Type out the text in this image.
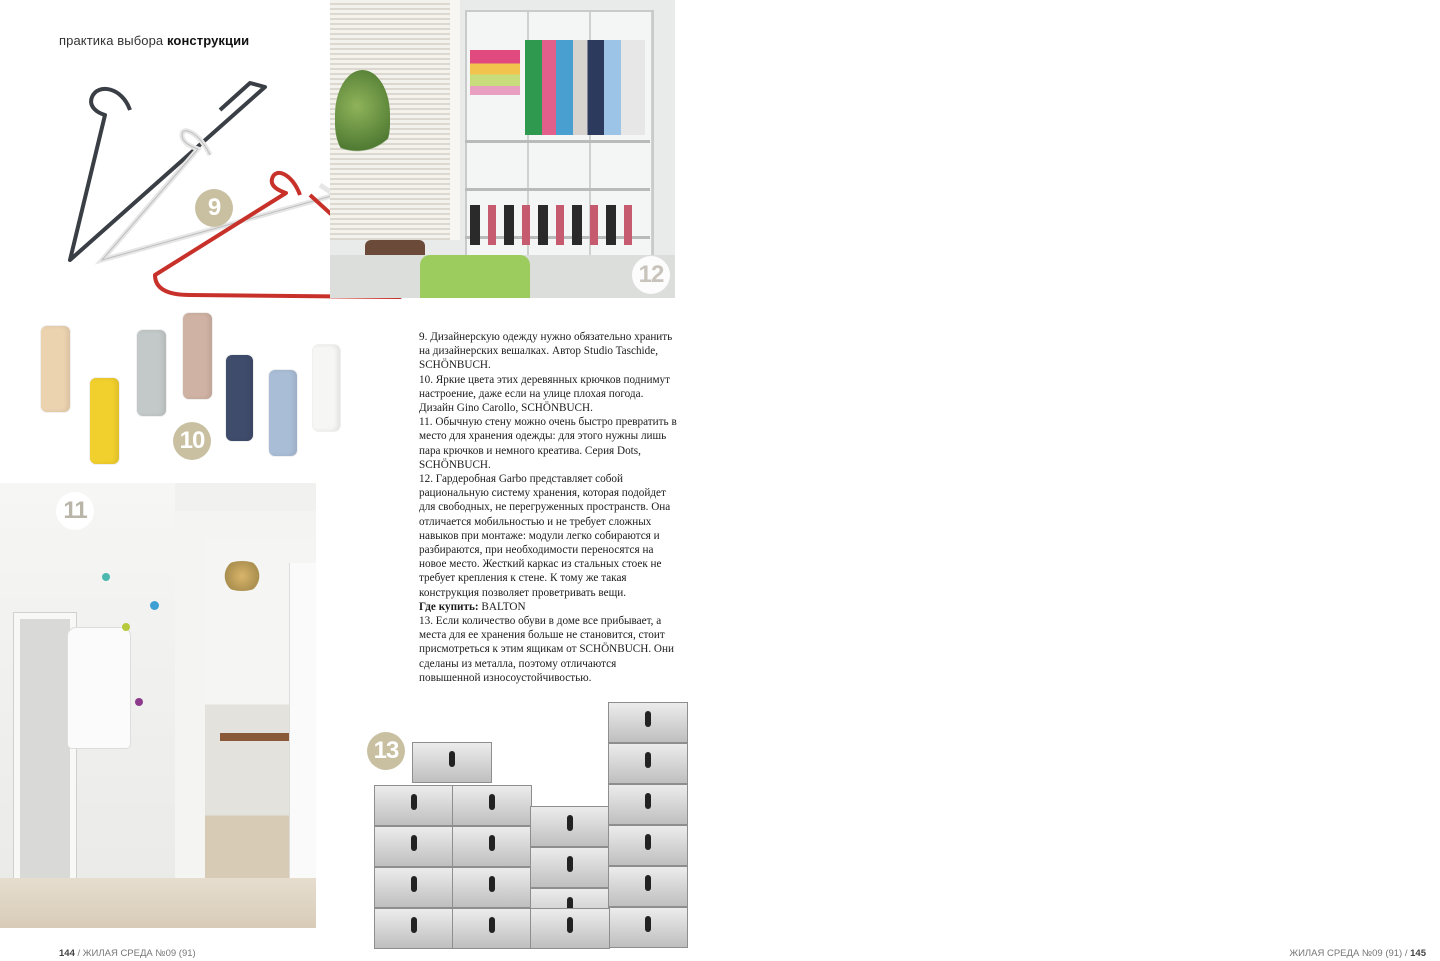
практика выбора конструкции
9
12
10
11

9. Дизайнерскую одежду нужно обязательно хранить на дизайнерских вешалках. Автор Studio Taschide, SCHÖNBUCH.

10. Яркие цвета этих деревянных крючков поднимут настроение, даже если на улице плохая погода. Дизайн Gino Carollo, SCHÖNBUCH.

11. Обычную стену можно очень быстро превратить в место для хранения одежды: для этого нужны лишь пара крючков и немного креатива. Серия Dots, SCHÖNBUCH.

12. Гардеробная Garbo представляет собой рациональную систему хранения, которая подойдет для свободных, не перегруженных пространств. Она отличается мобильностью и не требует сложных навыков при монтаже: модули легко собираются и разбираются, при необходимости переносятся на новое место. Жесткий каркас из стальных стоек не требует крепления к стене. К тому же такая конструкция позволяет проветривать вещи.

Где купить: BALTON

13. Если количество обуви в доме все прибывает, а места для ее хранения больше не становится, стоит присмотреться к этим ящикам от SCHÖNBUCH. Они сделаны из металла, поэтому отличаются повышенной износоустойчивостью.

13
144 / ЖИЛАЯ СРЕДА №09 (91)	ЖИЛАЯ СРЕДА №09 (91) / 145
